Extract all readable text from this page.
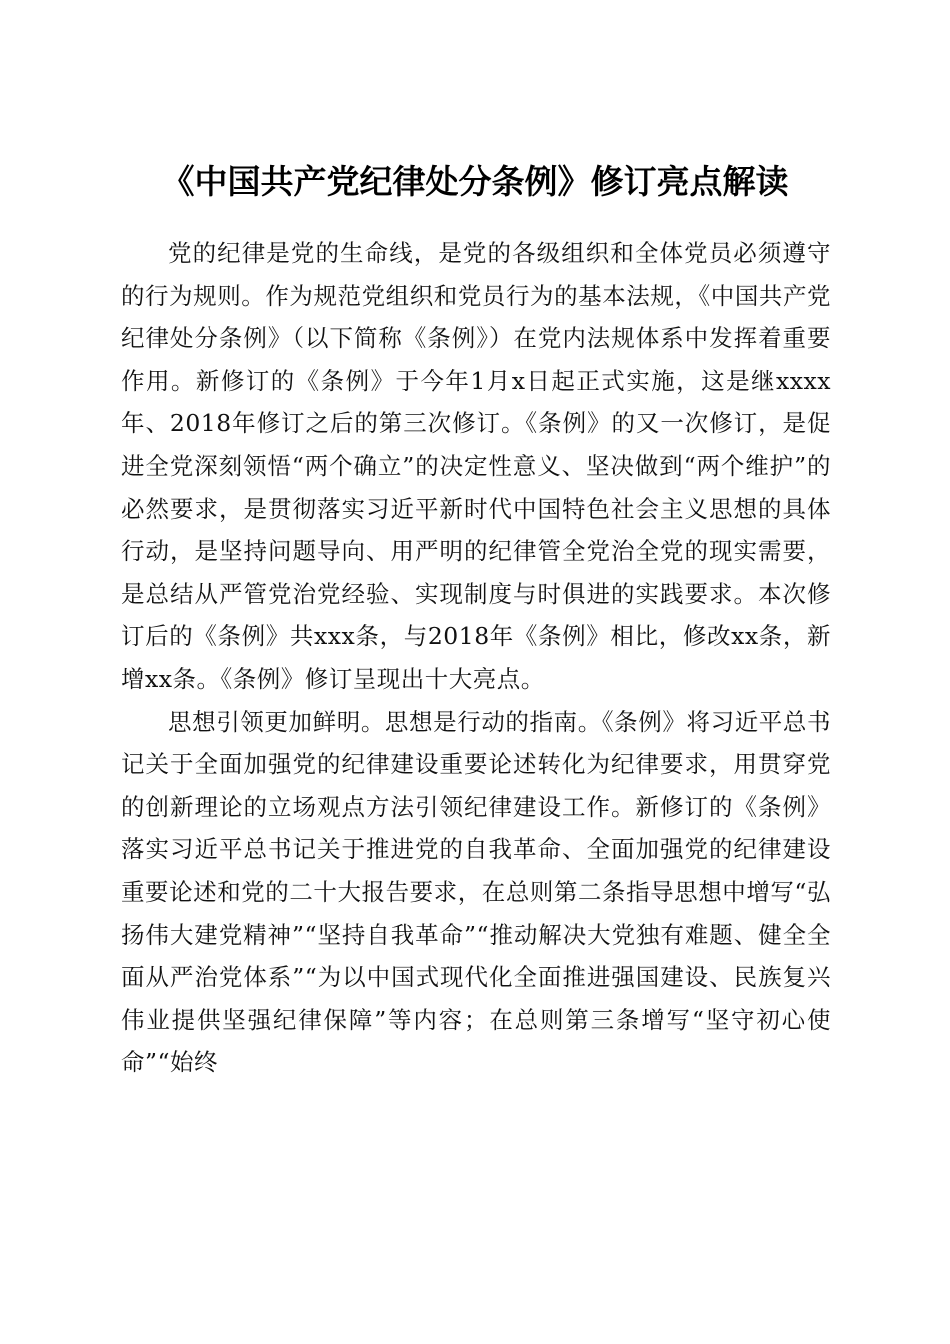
《中国共产党纪律处分条例》修订亮点解读

党的纪律是党的生命线，是党的各级组织和全体党员必须遵守的行为规则。作为规范党组织和党员行为的基本法规，《中国共产党纪律处分条例》（以下简称《条例》）在党内法规体系中发挥着重要作用。新修订的《条例》于今年1月x日起正式实施，这是继xxxx年、2018年修订之后的第三次修订。《条例》的又一次修订，是促进全党深刻领悟“两个确立”的决定性意义、坚决做到“两个维护”的必然要求，是贯彻落实习近平新时代中国特色社会主义思想的具体行动，是坚持问题导向、用严明的纪律管全党治全党的现实需要，是总结从严管党治党经验、实现制度与时俱进的实践要求。本次修订后的《条例》共xxx条，与2018年《条例》相比，修改xx条，新增xx条。《条例》修订呈现出十大亮点。

思想引领更加鲜明。思想是行动的指南。《条例》将习近平总书记关于全面加强党的纪律建设重要论述转化为纪律要求，用贯穿党的创新理论的立场观点方法引领纪律建设工作。新修订的《条例》落实习近平总书记关于推进党的自我革命、全面加强党的纪律建设重要论述和党的二十大报告要求，在总则第二条指导思想中增写“弘扬伟大建党精神”“坚持自我革命”“推动解决大党独有难题、健全全面从严治党体系”“为以中国式现代化全面推进强国建设、民族复兴伟业提供坚强纪律保障”等内容；在总则第三条增写“坚守初心使命”“始终
